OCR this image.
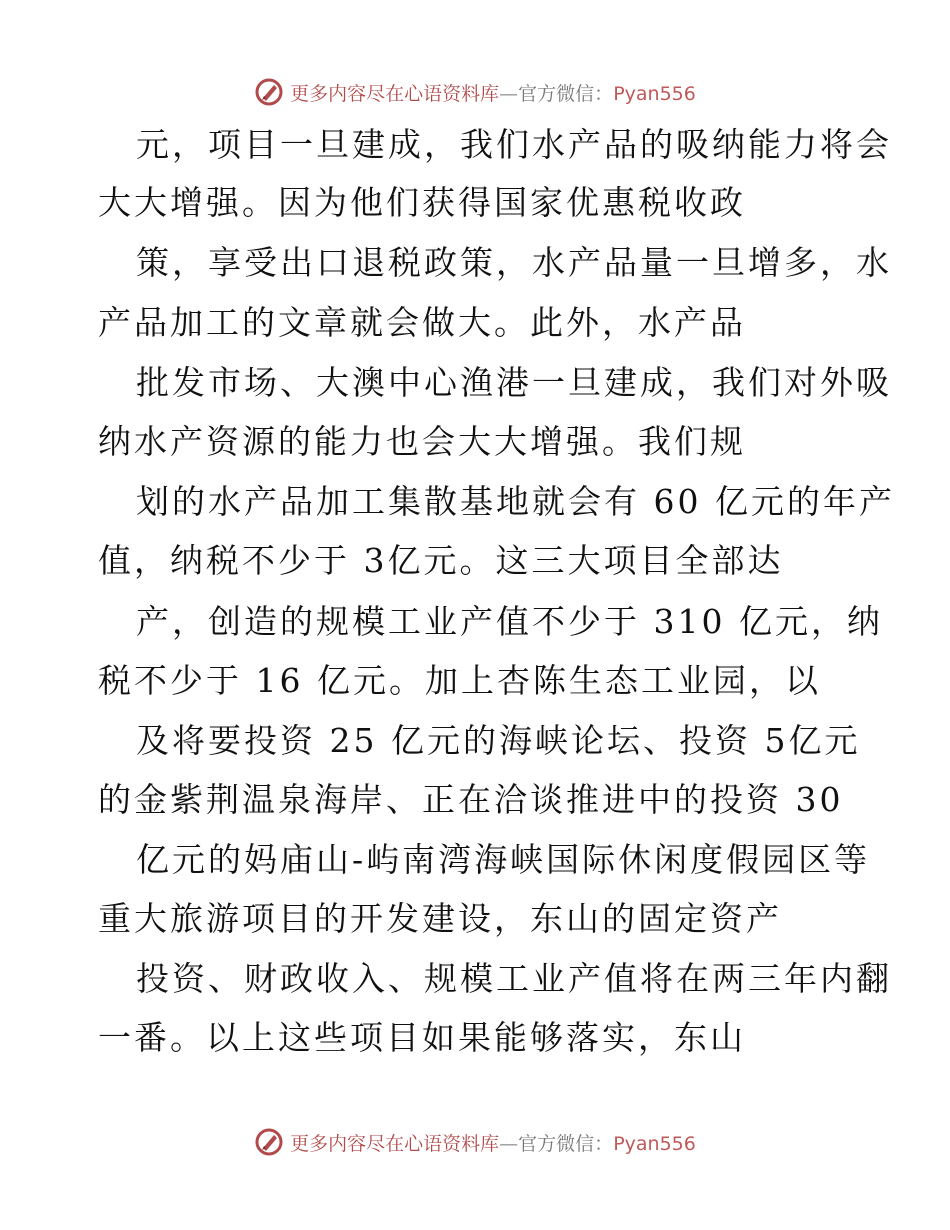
更多内容尽在心语资料库—官方微信：Pyan556
元，项目一旦建成，我们水产品的吸纳能力将会
大大增强。因为他们获得国家优惠税收政
策，享受出口退税政策，水产品量一旦增多，水
产品加工的文章就会做大。此外，水产品
批发市场、大澳中心渔港一旦建成，我们对外吸
纳水产资源的能力也会大大增强。我们规
划的水产品加工集散基地就会有 60 亿元的年产
值，纳税不少于 3亿元。这三大项目全部达
产，创造的规模工业产值不少于 310 亿元，纳
税不少于 16 亿元。加上杏陈生态工业园，以
及将要投资 25 亿元的海峡论坛、投资 5亿元
的金紫荆温泉海岸、正在洽谈推进中的投资 30
亿元的妈庙山-屿南湾海峡国际休闲度假园区等
重大旅游项目的开发建设，东山的固定资产
投资、财政收入、规模工业产值将在两三年内翻
一番。以上这些项目如果能够落实，东山
更多内容尽在心语资料库—官方微信：Pyan556
